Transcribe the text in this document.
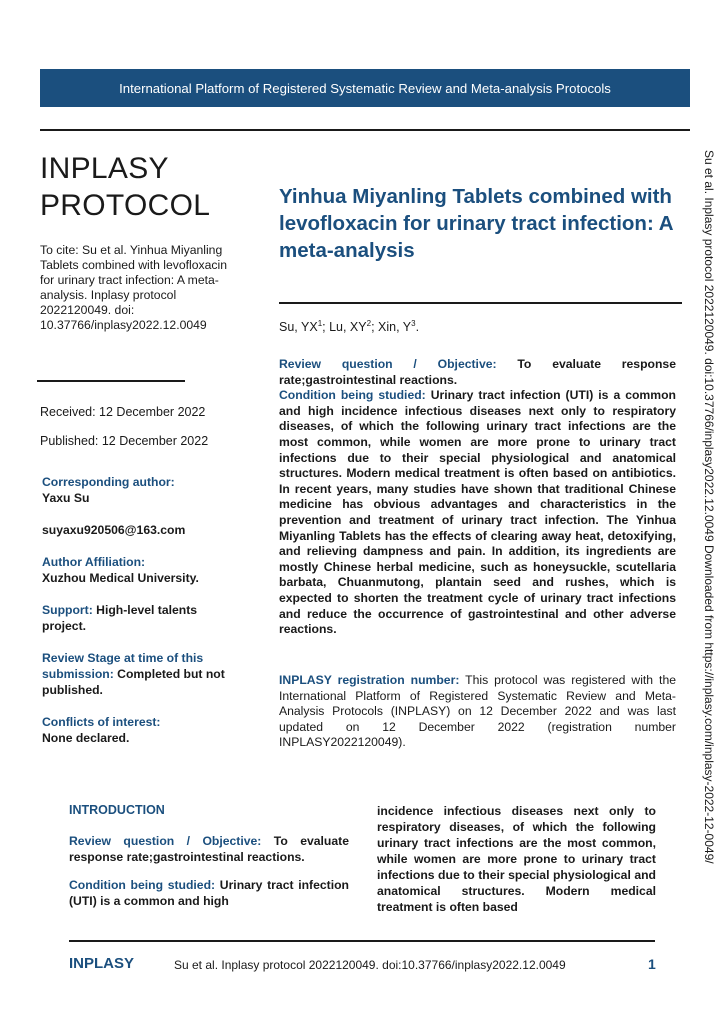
International Platform of Registered Systematic Review and Meta-analysis Protocols
Su et al. Inplasy protocol 2022120049. doi:10.37766/inplasy2022.12.0049 Downloaded from https://inplasy.com/inplasy-2022-12-0049/
INPLASY
PROTOCOL
To cite: Su et al. Yinhua Miyanling Tablets combined with levofloxacin for urinary tract infection: A meta-analysis. Inplasy protocol 2022120049. doi: 10.37766/inplasy2022.12.0049
Received: 12 December 2022
Published: 12 December 2022
Corresponding author:
Yaxu Su
suyaxu920506@163.com
Author Affiliation:
Xuzhou Medical University.
Support: High-level talents project.
Review Stage at time of this submission: Completed but not published.
Conflicts of interest:
None declared.
Yinhua Miyanling Tablets combined with levofloxacin for urinary tract infection: A meta-analysis
Su, $YX^1$; Lu, $XY^2$; Xin, $Y^3$.
Review question / Objective: To evaluate response rate;gastrointestinal reactions.
Condition being studied: Urinary tract infection (UTI) is a common and high incidence infectious diseases next only to respiratory diseases, of which the following urinary tract infections are the most common, while women are more prone to urinary tract infections due to their special physiological and anatomical structures. Modern medical treatment is often based on antibiotics. In recent years, many studies have shown that traditional Chinese medicine has obvious advantages and characteristics in the prevention and treatment of urinary tract infection. The Yinhua Miyanling Tablets has the effects of clearing away heat, detoxifying, and relieving dampness and pain. In addition, its ingredients are mostly Chinese herbal medicine, such as honeysuckle, scutellaria barbata, Chuanmutong, plantain seed and rushes, which is expected to shorten the treatment cycle of urinary tract infections and reduce the occurrence of gastrointestinal and other adverse reactions.
INPLASY registration number: This protocol was registered with the International Platform of Registered Systematic Review and Meta-Analysis Protocols (INPLASY) on 12 December 2022 and was last updated on 12 December 2022 (registration number INPLASY2022120049).
INTRODUCTION

Review question / Objective: To evaluate response rate;gastrointestinal reactions.

Condition being studied: Urinary tract infection (UTI) is a common and high

incidence infectious diseases next only to respiratory diseases, of which the following urinary tract infections are the most common, while women are more prone to urinary tract infections due to their special physiological and anatomical structures. Modern medical treatment is often based
INPLASY	Su et al. Inplasy protocol 2022120049. doi:10.37766/inplasy2022.12.0049	1
